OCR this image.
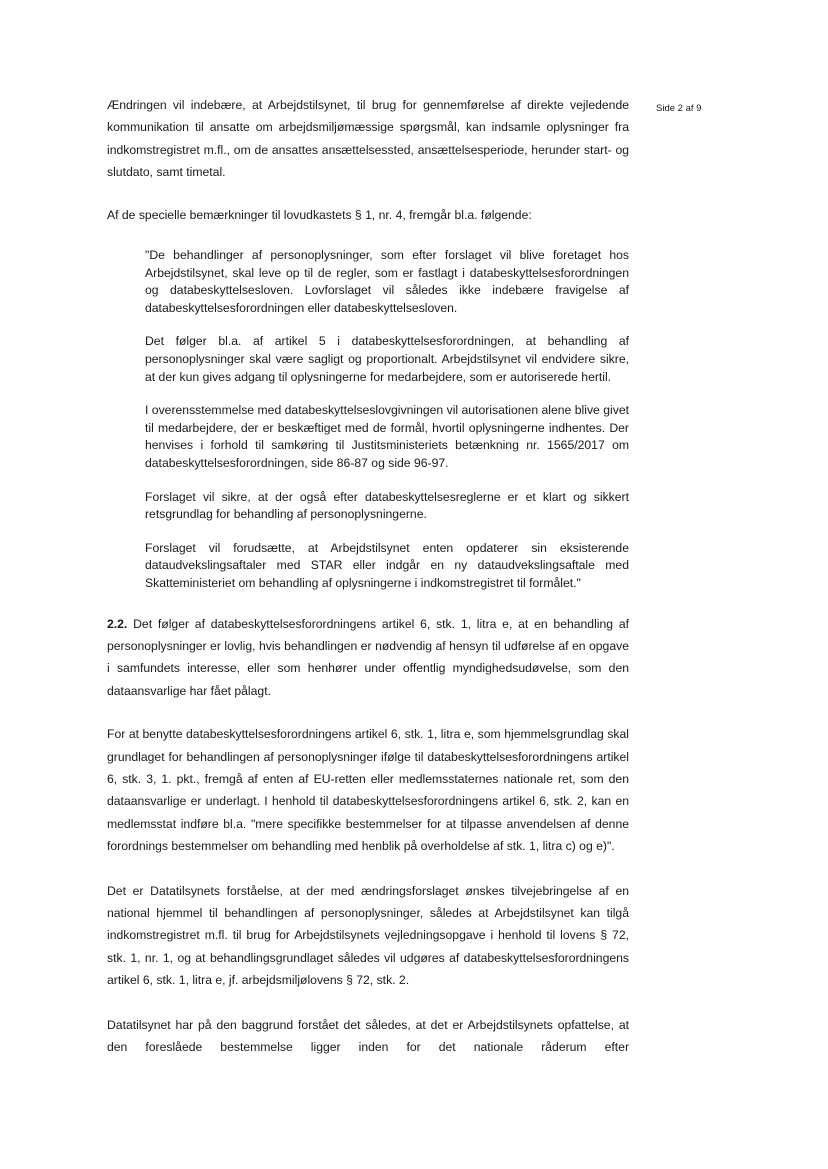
Side 2 af 9

Ændringen vil indebære, at Arbejdstilsynet, til brug for gennemførelse af direkte vejledende kommunikation til ansatte om arbejdsmiljømæssige spørgsmål, kan indsamle oplysninger fra indkomstregistret m.fl., om de ansattes ansættelsessted, ansættelsesperiode, herunder start- og slutdato, samt timetal.

Af de specielle bemærkninger til lovudkastets § 1, nr. 4, fremgår bl.a. følgende:

"De behandlinger af personoplysninger, som efter forslaget vil blive foretaget hos Arbejdstilsynet, skal leve op til de regler, som er fastlagt i databeskyttelsesforordningen og databeskyttelsesloven. Lovforslaget vil således ikke indebære fravigelse af databeskyttelsesforordningen eller databeskyttelsesloven.

Det følger bl.a. af artikel 5 i databeskyttelsesforordningen, at behandling af personoplysninger skal være sagligt og proportionalt. Arbejdstilsynet vil endvidere sikre, at der kun gives adgang til oplysningerne for medarbejdere, som er autoriserede hertil.

I overensstemmelse med databeskyttelseslovgivningen vil autorisationen alene blive givet til medarbejdere, der er beskæftiget med de formål, hvortil oplysningerne indhentes. Der henvises i forhold til samkøring til Justitsministeriets betænkning nr. 1565/2017 om databeskyttelsesforordningen, side 86-87 og side 96-97.

Forslaget vil sikre, at der også efter databeskyttelsesreglerne er et klart og sikkert retsgrundlag for behandling af personoplysningerne.

Forslaget vil forudsætte, at Arbejdstilsynet enten opdaterer sin eksisterende dataudvekslingsaftaler med STAR eller indgår en ny dataudvekslingsaftale med Skatteministeriet om behandling af oplysningerne i indkomstregistret til formålet."

2.2. Det følger af databeskyttelsesforordningens artikel 6, stk. 1, litra e, at en behandling af personoplysninger er lovlig, hvis behandlingen er nødvendig af hensyn til udførelse af en opgave i samfundets interesse, eller som henhører under offentlig myndighedsudøvelse, som den dataansvarlige har fået pålagt.

For at benytte databeskyttelsesforordningens artikel 6, stk. 1, litra e, som hjemmelsgrundlag skal grundlaget for behandlingen af personoplysninger ifølge til databeskyttelsesforordningens artikel 6, stk. 3, 1. pkt., fremgå af enten af EU-retten eller medlemsstaternes nationale ret, som den dataansvarlige er underlagt. I henhold til databeskyttelsesforordningens artikel 6, stk. 2, kan en medlemsstat indføre bl.a. "mere specifikke bestemmelser for at tilpasse anvendelsen af denne forordnings bestemmelser om behandling med henblik på overholdelse af stk. 1, litra c) og e)".

Det er Datatilsynets forståelse, at der med ændringsforslaget ønskes tilvejebringelse af en national hjemmel til behandlingen af personoplysninger, således at Arbejdstilsynet kan tilgå indkomstregistret m.fl. til brug for Arbejdstilsynets vejledningsopgave i henhold til lovens § 72, stk. 1, nr. 1, og at behandlingsgrundlaget således vil udgøres af databeskyttelsesforordningens artikel 6, stk. 1, litra e, jf. arbejdsmiljølovens § 72, stk. 2.

Datatilsynet har på den baggrund forstået det således, at det er Arbejdstilsynets opfattelse, at den foreslåede bestemmelse ligger inden for det nationale råderum efter
